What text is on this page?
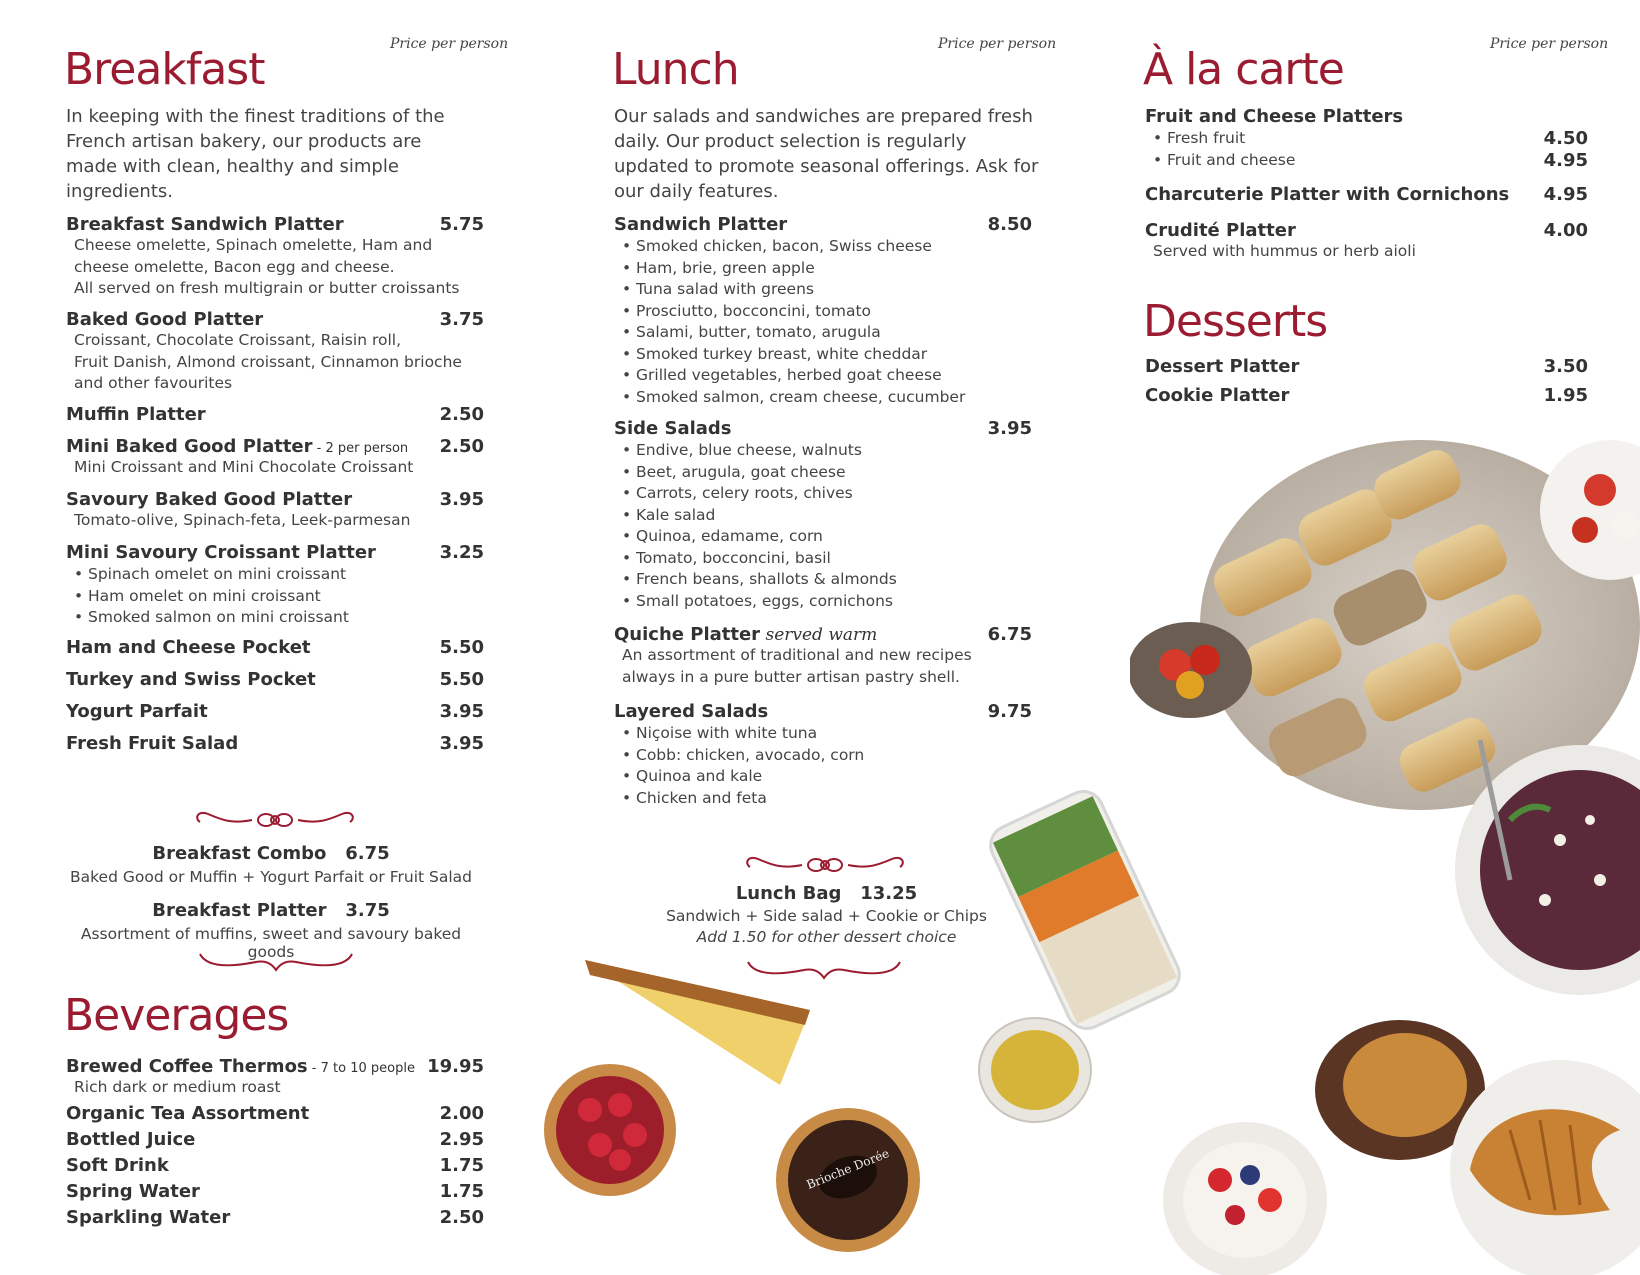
Price per person
Breakfast
In keeping with the finest traditions of the French artisan bakery, our products are made with clean, healthy and simple ingredients.
Breakfast Sandwich Platter	5.75
Cheese omelette, Spinach omelette, Ham and
cheese omelette, Bacon egg and cheese.
All served on fresh multigrain or butter croissants
Baked Good Platter	3.75
Croissant, Chocolate Croissant, Raisin roll,
Fruit Danish, Almond croissant, Cinnamon brioche
and other favourites
Muffin Platter	2.50
Mini Baked Good Platter - 2 per person 2.50
Mini Croissant and Mini Chocolate Croissant
Savoury Baked Good Platter	3.95
Tomato-olive, Spinach-feta, Leek-parmesan
Mini Savoury Croissant Platter	3.25
• Spinach omelet on mini croissant
• Ham omelet on mini croissant
• Smoked salmon on mini croissant
Ham and Cheese Pocket	5.50
Turkey and Swiss Pocket	5.50
Yogurt Parfait	3.95
Fresh Fruit Salad	3.95
Breakfast Combo 6.75
Baked Good or Muffin + Yogurt Parfait or Fruit Salad
Breakfast Platter 3.75
Assortment of muffins, sweet and savoury baked goods
Beverages
Brewed Coffee Thermos - 7 to 10 people 19.95
Rich dark or medium roast
Organic Tea Assortment	2.00
Bottled Juice	2.95
Soft Drink	1.75
Spring Water	1.75
Sparkling Water	2.50
Price per person
Lunch
Our salads and sandwiches are prepared fresh daily. Our product selection is regularly updated to promote seasonal offerings. Ask for our daily features.
Sandwich Platter	8.50
• Smoked chicken, bacon, Swiss cheese
• Ham, brie, green apple
• Tuna salad with greens
• Prosciutto, bocconcini, tomato
• Salami, butter, tomato, arugula
• Smoked turkey breast, white cheddar
• Grilled vegetables, herbed goat cheese
• Smoked salmon, cream cheese, cucumber
Side Salads	3.95
• Endive, blue cheese, walnuts
• Beet, arugula, goat cheese
• Carrots, celery roots, chives
• Kale salad
• Quinoa, edamame, corn
• Tomato, bocconcini, basil
• French beans, shallots & almonds
• Small potatoes, eggs, cornichons
Quiche Platter served warm	6.75
An assortment of traditional and new recipes
always in a pure butter artisan pastry shell.
Layered Salads	9.75
• Niçoise with white tuna
• Cobb: chicken, avocado, corn
• Quinoa and kale
• Chicken and feta
Lunch Bag 13.25
Sandwich + Side salad + Cookie or Chips
Add 1.50 for other dessert choice
Price per person
À la carte
Fruit and Cheese Platters
• Fresh fruit	4.50
• Fruit and cheese	4.95
Charcuterie Platter with Cornichons 4.95
Crudité Platter	4.00
Served with hummus or herb aioli
Desserts
Dessert Platter	3.50
Cookie Platter	1.95
Brioche Dorée
